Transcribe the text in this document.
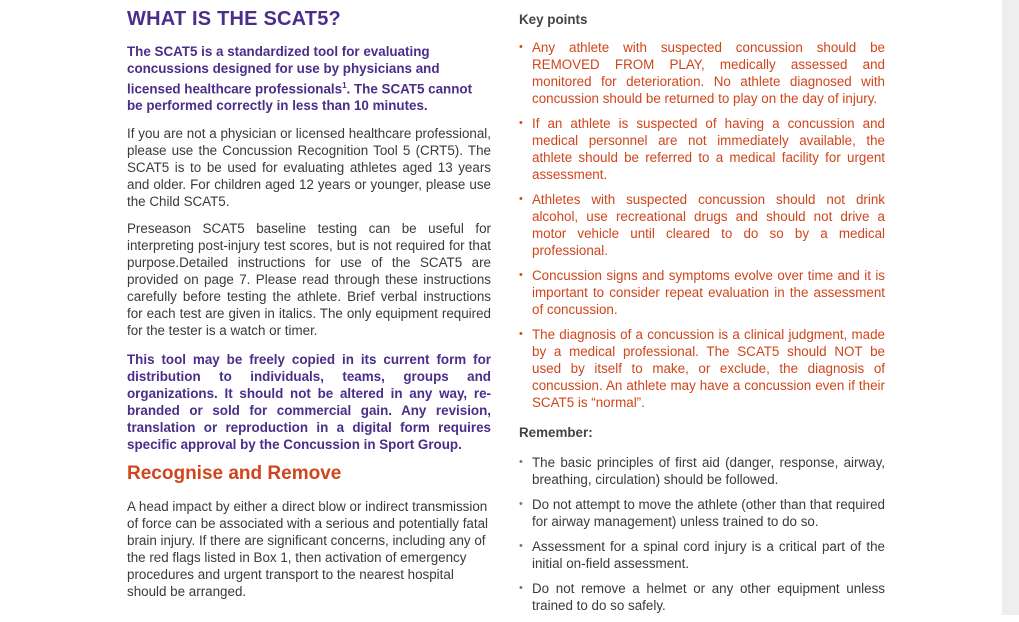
WHAT IS THE SCAT5?

The SCAT5 is a standardized tool for evaluating concussions designed for use by physicians and licensed healthcare professionals$^1$. The SCAT5 cannot be performed correctly in less than 10 minutes.

If you are not a physician or licensed healthcare professional, please use the Concussion Recognition Tool 5 (CRT5). The SCAT5 is to be used for evaluating athletes aged 13 years and older. For children aged 12 years or younger, please use the Child SCAT5.

Preseason SCAT5 baseline testing can be useful for interpreting post-injury test scores, but is not required for that purpose.Detailed instructions for use of the SCAT5 are provided on page 7. Please read through these instructions carefully before testing the athlete. Brief verbal instructions for each test are given in italics. The only equipment required for the tester is a watch or timer.

This tool may be freely copied in its current form for distribution to individuals, teams, groups and organizations. It should not be altered in any way, re-branded or sold for commercial gain. Any revision, translation or reproduction in a digital form requires specific approval by the Concussion in Sport Group.

Recognise and Remove

A head impact by either a direct blow or indirect transmission of force can be associated with a serious and potentially fatal brain injury. If there are significant concerns, including any of the red flags listed in Box 1, then activation of emergency procedures and urgent transport to the nearest hospital should be arranged.

Key points
• Any athlete with suspected concussion should be REMOVED FROM PLAY, medically assessed and monitored for deterioration. No athlete diagnosed with concussion should be returned to play on the day of injury.
• If an athlete is suspected of having a concussion and medical personnel are not immediately available, the athlete should be referred to a medical facility for urgent assessment.
• Athletes with suspected concussion should not drink alcohol, use recreational drugs and should not drive a motor vehicle until cleared to do so by a medical professional.
• Concussion signs and symptoms evolve over time and it is important to consider repeat evaluation in the assessment of concussion.
• The diagnosis of a concussion is a clinical judgment, made by a medical professional. The SCAT5 should NOT be used by itself to make, or exclude, the diagnosis of concussion. An athlete may have a concussion even if their SCAT5 is “normal”.
Remember:
• The basic principles of first aid (danger, response, airway, breathing, circulation) should be followed.
• Do not attempt to move the athlete (other than that required for airway management) unless trained to do so.
• Assessment for a spinal cord injury is a critical part of the initial on-field assessment.
• Do not remove a helmet or any other equipment unless trained to do so safely.
